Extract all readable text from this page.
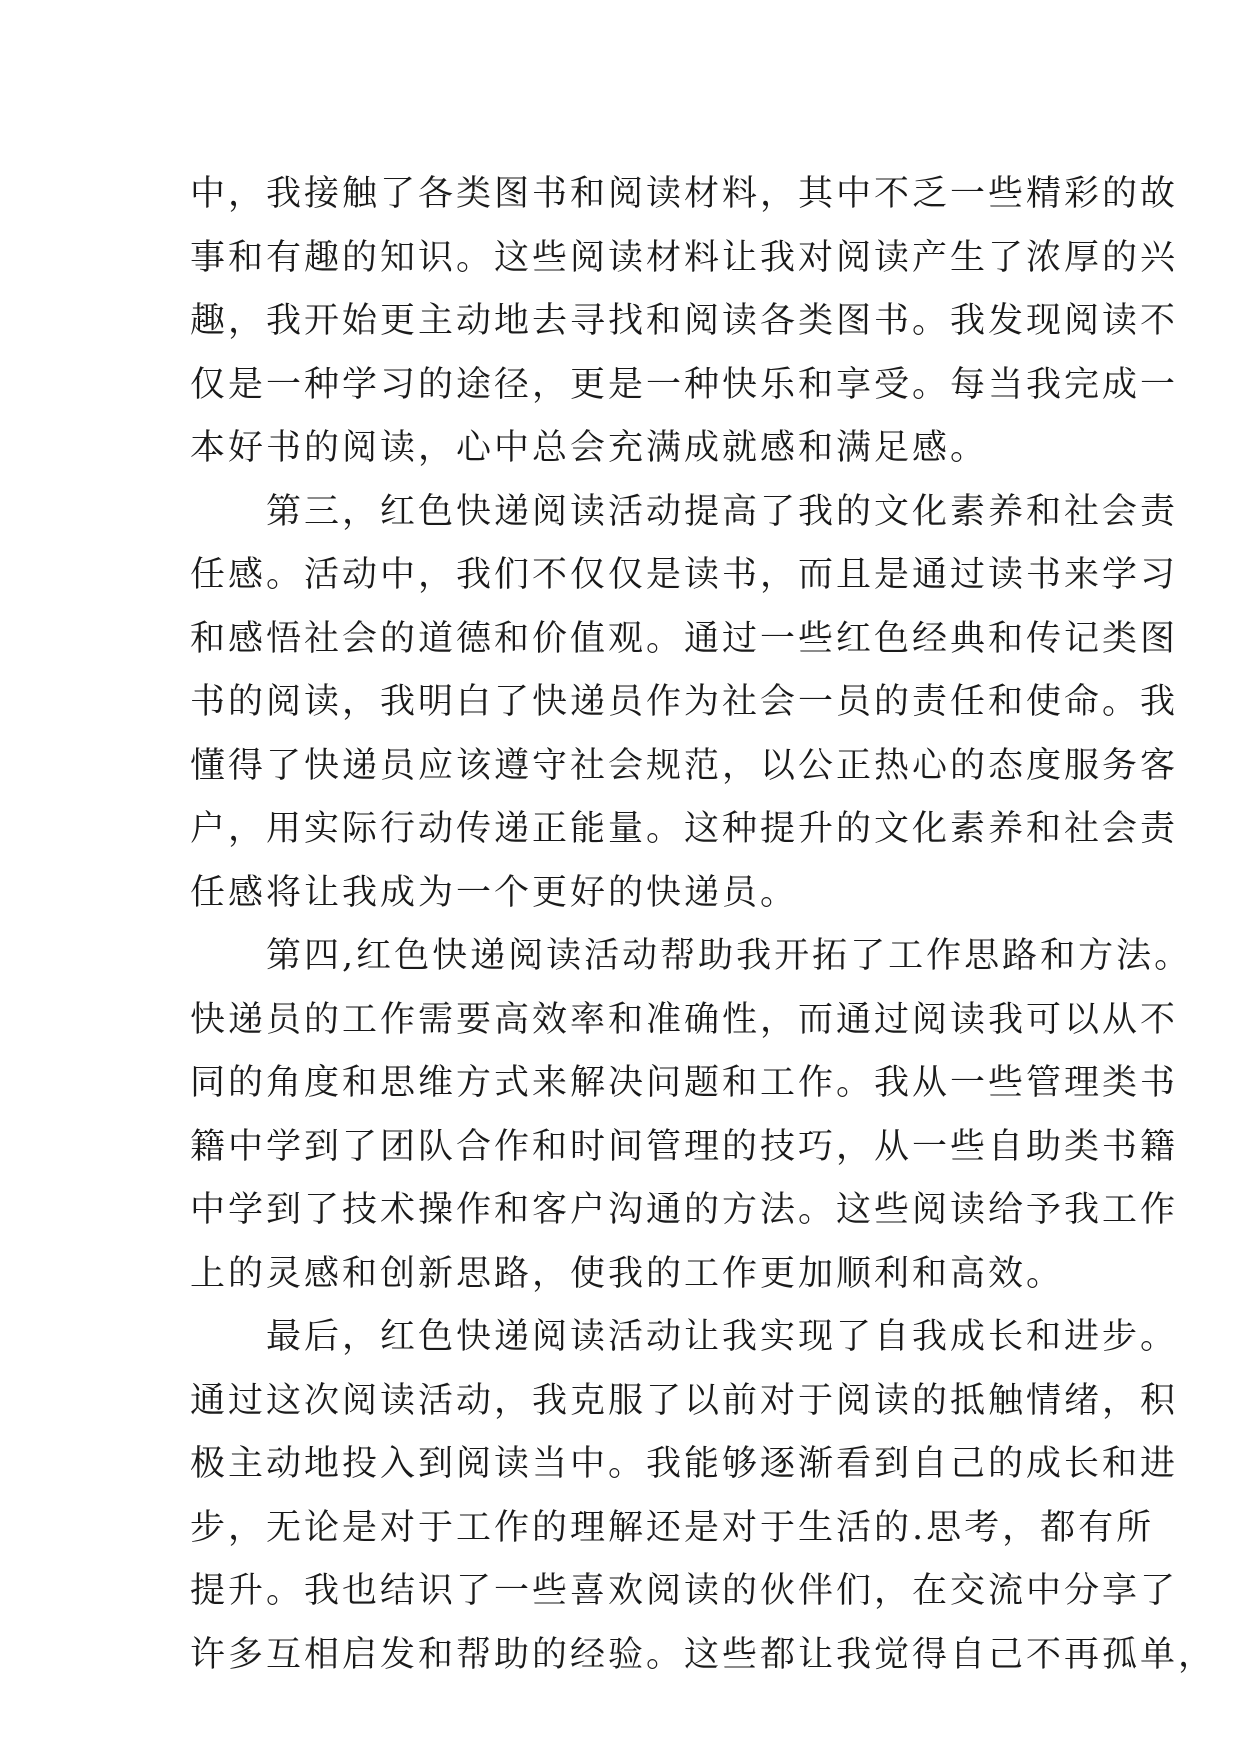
中，我接触了各类图书和阅读材料，其中不乏一些精彩的故
事和有趣的知识。这些阅读材料让我对阅读产生了浓厚的兴
趣，我开始更主动地去寻找和阅读各类图书。我发现阅读不
仅是一种学习的途径，更是一种快乐和享受。每当我完成一
本好书的阅读，心中总会充满成就感和满足感。
　　第三，红色快递阅读活动提高了我的文化素养和社会责
任感。活动中，我们不仅仅是读书，而且是通过读书来学习
和感悟社会的道德和价值观。通过一些红色经典和传记类图
书的阅读，我明白了快递员作为社会一员的责任和使命。我
懂得了快递员应该遵守社会规范，以公正热心的态度服务客
户，用实际行动传递正能量。这种提升的文化素养和社会责
任感将让我成为一个更好的快递员。
　　第四,红色快递阅读活动帮助我开拓了工作思路和方法。
快递员的工作需要高效率和准确性，而通过阅读我可以从不
同的角度和思维方式来解决问题和工作。我从一些管理类书
籍中学到了团队合作和时间管理的技巧，从一些自助类书籍
中学到了技术操作和客户沟通的方法。这些阅读给予我工作
上的灵感和创新思路，使我的工作更加顺利和高效。
　　最后，红色快递阅读活动让我实现了自我成长和进步。
通过这次阅读活动，我克服了以前对于阅读的抵触情绪，积
极主动地投入到阅读当中。我能够逐渐看到自己的成长和进
步，无论是对于工作的理解还是对于生活的.思考，都有所
提升。我也结识了一些喜欢阅读的伙伴们，在交流中分享了
许多互相启发和帮助的经验。这些都让我觉得自己不再孤单，
